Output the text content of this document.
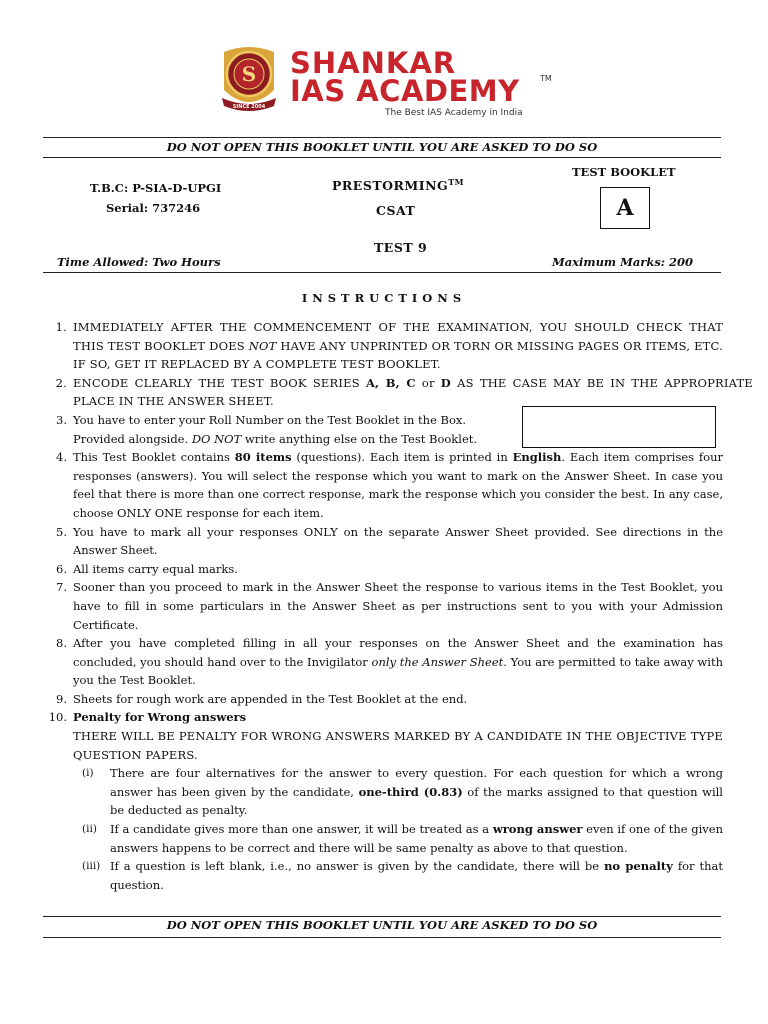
S
SINCE 2004
SHANKAR
IAS ACADEMY	TM
The Best IAS Academy in India
DO NOT OPEN THIS BOOKLET UNTIL YOU ARE ASKED TO DO SO
T.B.C: P-SIA-D-UPGI
Serial: 737246
PRESTORMING™
CSAT
TEST 9
TEST BOOKLET
A
Time Allowed: Two Hours	Maximum Marks: 200
INSTRUCTIONS
1. IMMEDIATELY AFTER THE COMMENCEMENT OF THE EXAMINATION, YOU SHOULD CHECK THAT THIS TEST BOOKLET DOES NOT HAVE ANY UNPRINTED OR TORN OR MISSING PAGES OR ITEMS, ETC. IF SO, GET IT REPLACED BY A COMPLETE TEST BOOKLET.

2. ENCODE CLEARLY THE TEST BOOK SERIES A, B, C or D AS THE CASE MAY BE IN THE APPROPRIATE PLACE IN THE ANSWER SHEET.

3. You have to enter your Roll Number on the Test Booklet in the Box.
Provided alongside. DO NOT write anything else on the Test Booklet.

4. This Test Booklet contains 80 items (questions). Each item is printed in English. Each item comprises four responses (answers). You will select the response which you want to mark on the Answer Sheet. In case you feel that there is more than one correct response, mark the response which you consider the best. In any case, choose ONLY ONE response for each item.

5. You have to mark all your responses ONLY on the separate Answer Sheet provided. See directions in the Answer Sheet.

6. All items carry equal marks.

7. Sooner than you proceed to mark in the Answer Sheet the response to various items in the Test Booklet, you have to fill in some particulars in the Answer Sheet as per instructions sent to you with your Admission Certificate.

8. After you have completed filling in all your responses on the Answer Sheet and the examination has concluded, you should hand over to the Invigilator only the Answer Sheet. You are permitted to take away with you the Test Booklet.

9. Sheets for rough work are appended in the Test Booklet at the end.

10. Penalty for Wrong answers

THERE WILL BE PENALTY FOR WRONG ANSWERS MARKED BY A CANDIDATE IN THE OBJECTIVE TYPE QUESTION PAPERS.

(i) There are four alternatives for the answer to every question. For each question for which a wrong answer has been given by the candidate, one-third (0.83) of the marks assigned to that question will be deducted as penalty.

(ii) If a candidate gives more than one answer, it will be treated as a wrong answer even if one of the given answers happens to be correct and there will be same penalty as above to that question.

(iii) If a question is left blank, i.e., no answer is given by the candidate, there will be no penalty for that question.

DO NOT OPEN THIS BOOKLET UNTIL YOU ARE ASKED TO DO SO
